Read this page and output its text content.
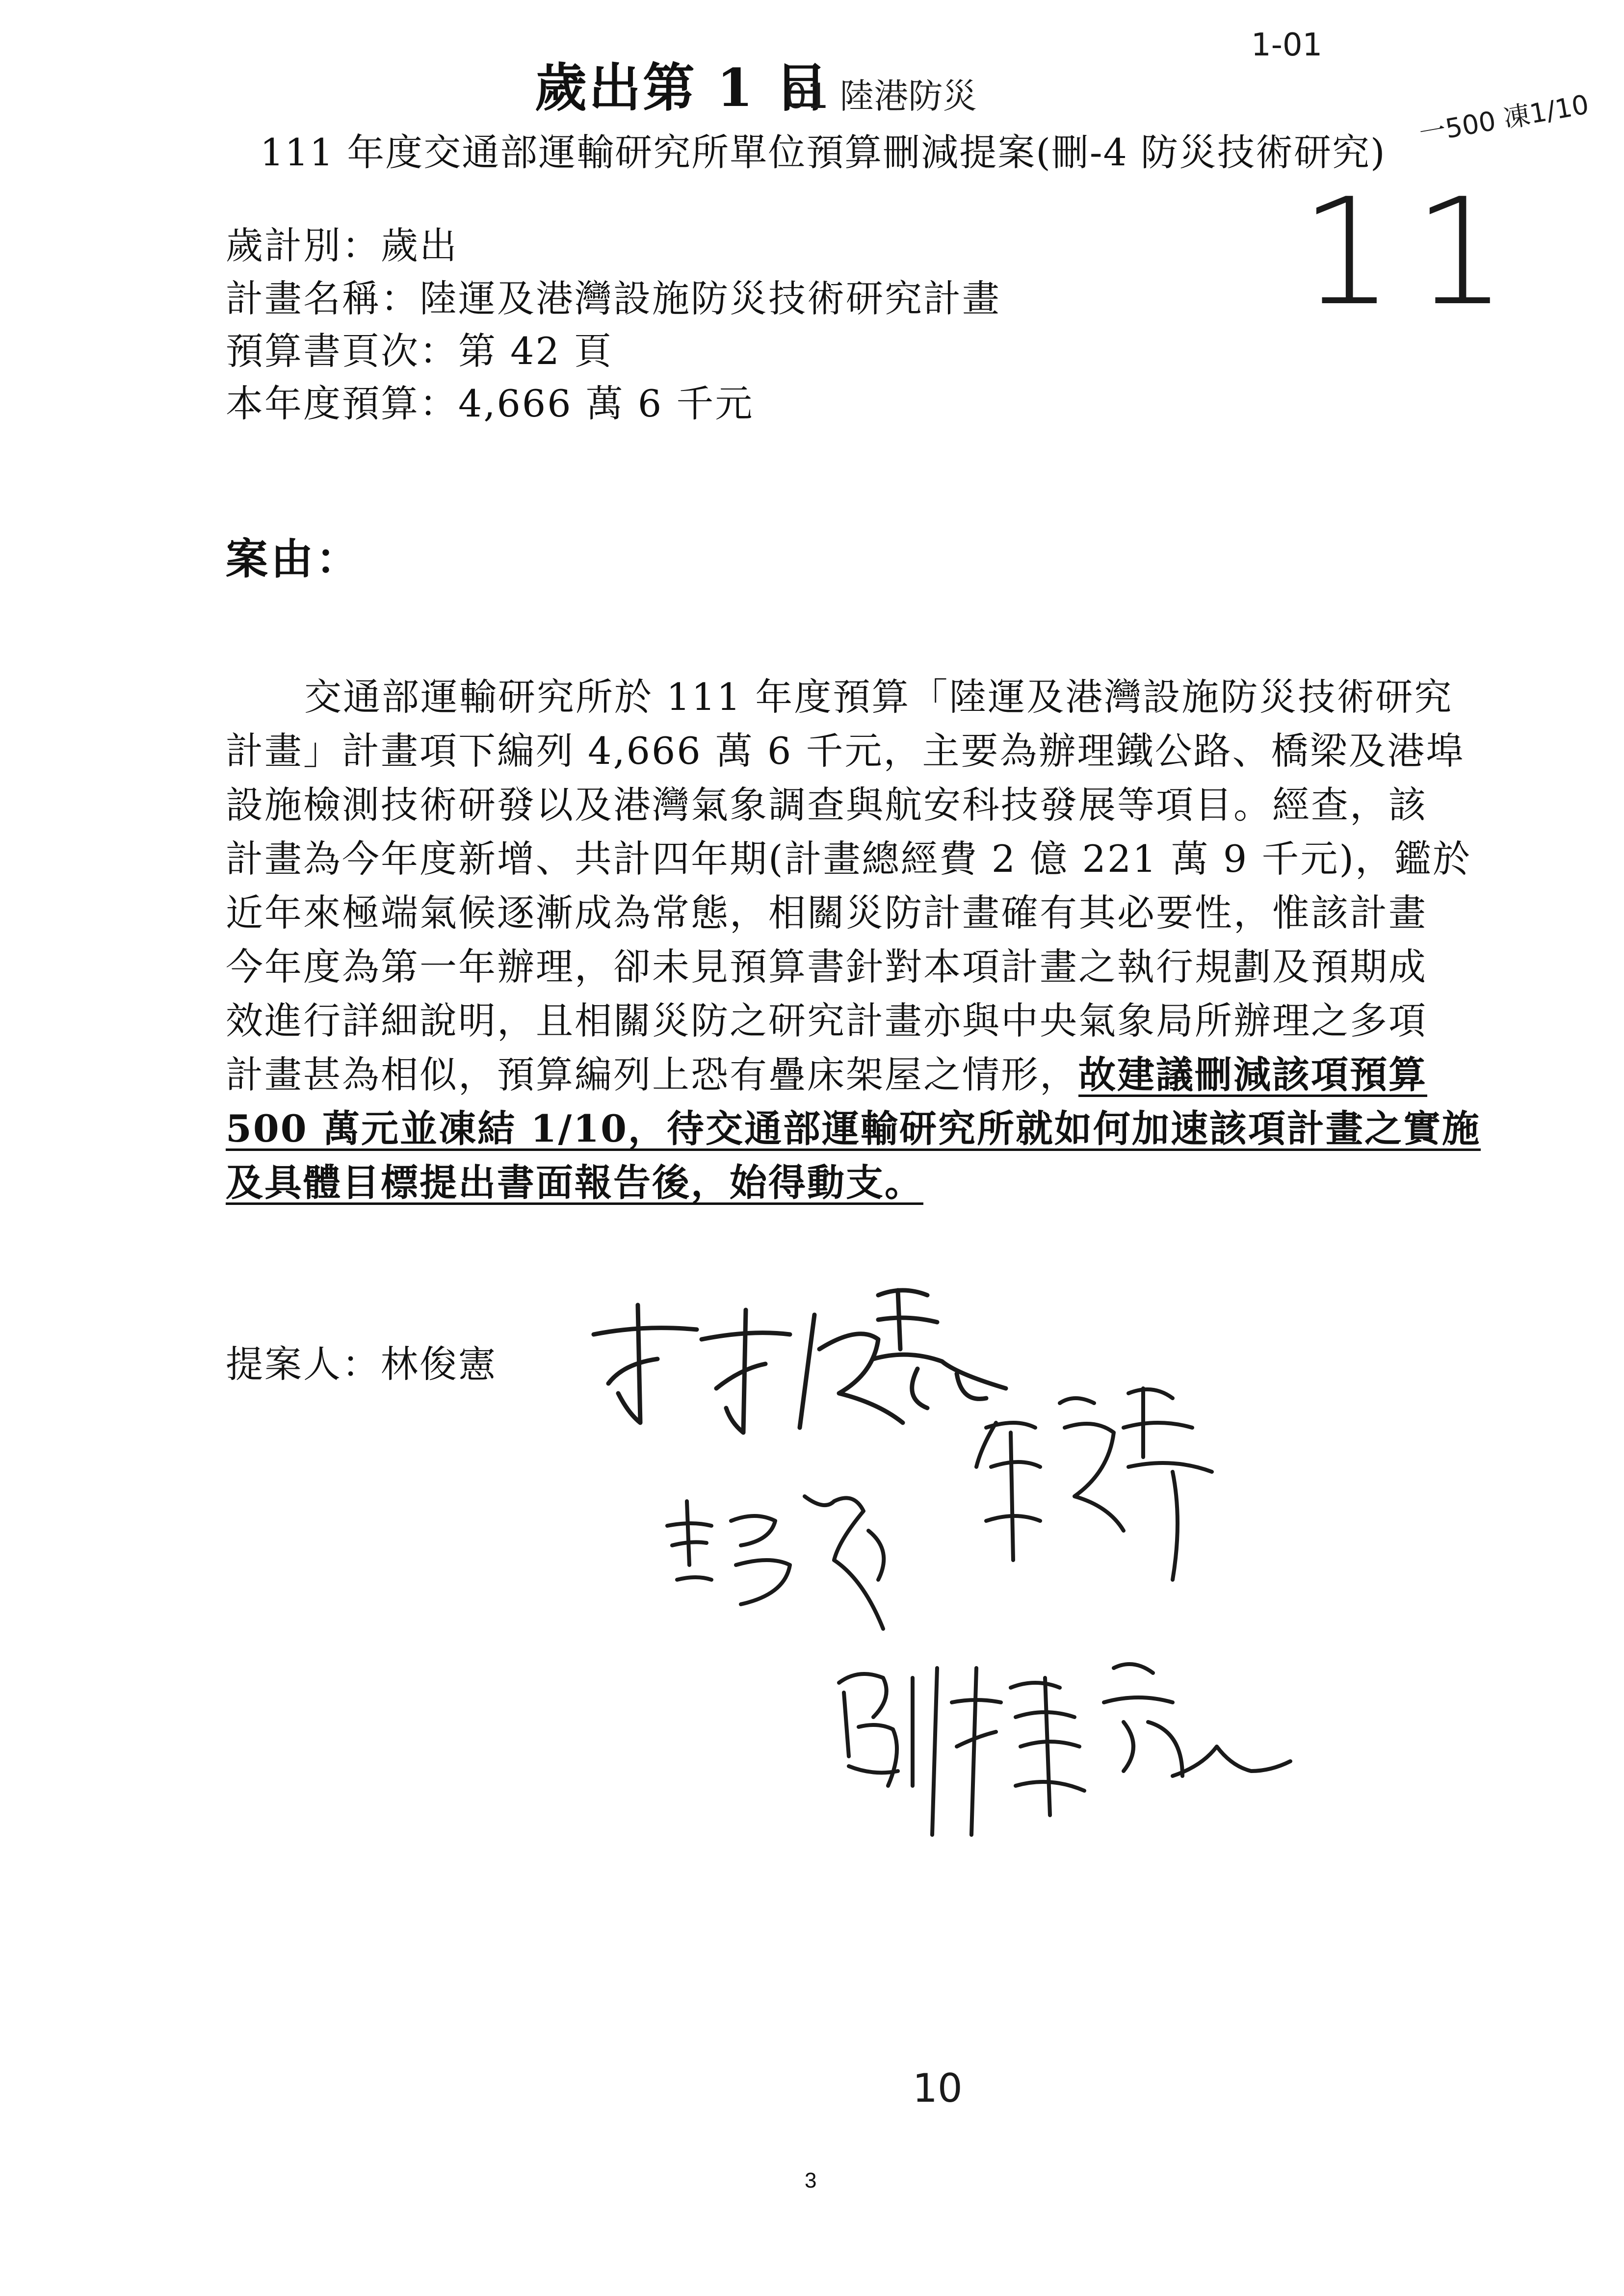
歲出第 1 目
01 陸港防災
1-01
一500 凍1/10
11
111 年度交通部運輸研究所單位預算刪減提案(刪-4 防災技術研究)
歲計別：歲出
計畫名稱：陸運及港灣設施防災技術研究計畫
預算書頁次：第 42 頁
本年度預算：4,666 萬 6 千元
案由：
交通部運輸研究所於 111 年度預算「陸運及港灣設施防災技術研究
計畫」計畫項下編列 4,666 萬 6 千元，主要為辦理鐵公路、橋梁及港埠
設施檢測技術研發以及港灣氣象調查與航安科技發展等項目。經查，該
計畫為今年度新增、共計四年期(計畫總經費 2 億 221 萬 9 千元)，鑑於
近年來極端氣候逐漸成為常態，相關災防計畫確有其必要性，惟該計畫
今年度為第一年辦理，卻未見預算書針對本項計畫之執行規劃及預期成
效進行詳細說明，且相關災防之研究計畫亦與中央氣象局所辦理之多項
計畫甚為相似，預算編列上恐有疊床架屋之情形，故建議刪減該項預算
500 萬元並凍結 1/10，待交通部運輸研究所就如何加速該項計畫之實施
及具體目標提出書面報告後，始得動支。
提案人：林俊憲
10
3
